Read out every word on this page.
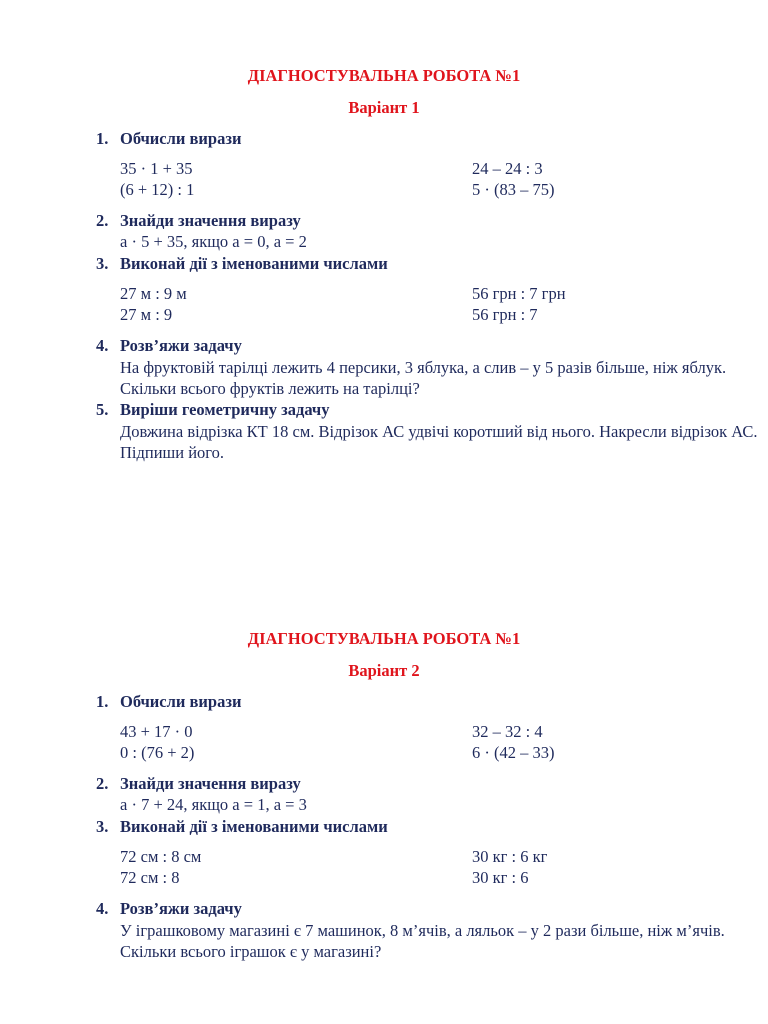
ДІАГНОСТУВАЛЬНА РОБОТА №1
Варіант 1
1. Обчисли вирази
35 · 1 + 35
(6 + 12) : 1
24 – 24 : 3
5 · (83 – 75)
2. Знайди значення виразу
а · 5 + 35, якщо а = 0, а = 2
3. Виконай дії з іменованими числами
27 м : 9 м
27 м : 9
56 грн : 7 грн
56 грн : 7
4. Розв’яжи задачу
На фруктовій тарілці лежить 4 персики, 3 яблука, а слив – у 5 разів більше, ніж яблук. Скільки всього фруктів лежить на тарілці?
5. Виріши геометричну задачу
Довжина відрізка КТ 18 см. Відрізок АС удвічі коротший від нього. Накресли відрізок АС. Підпиши його.
ДІАГНОСТУВАЛЬНА РОБОТА №1
Варіант 2
1. Обчисли вирази
43 + 17 · 0
0 : (76 + 2)
32 – 32 : 4
6 · (42 – 33)
2. Знайди значення виразу
а · 7 + 24, якщо а = 1, а = 3
3. Виконай дії з іменованими числами
72 см : 8 см
72 см : 8
30 кг : 6 кг
30 кг : 6
4. Розв’яжи задачу
У іграшковому магазині є 7 машинок, 8 м’ячів, а ляльок – у 2 рази більше, ніж м’ячів. Скільки всього іграшок є у магазині?
